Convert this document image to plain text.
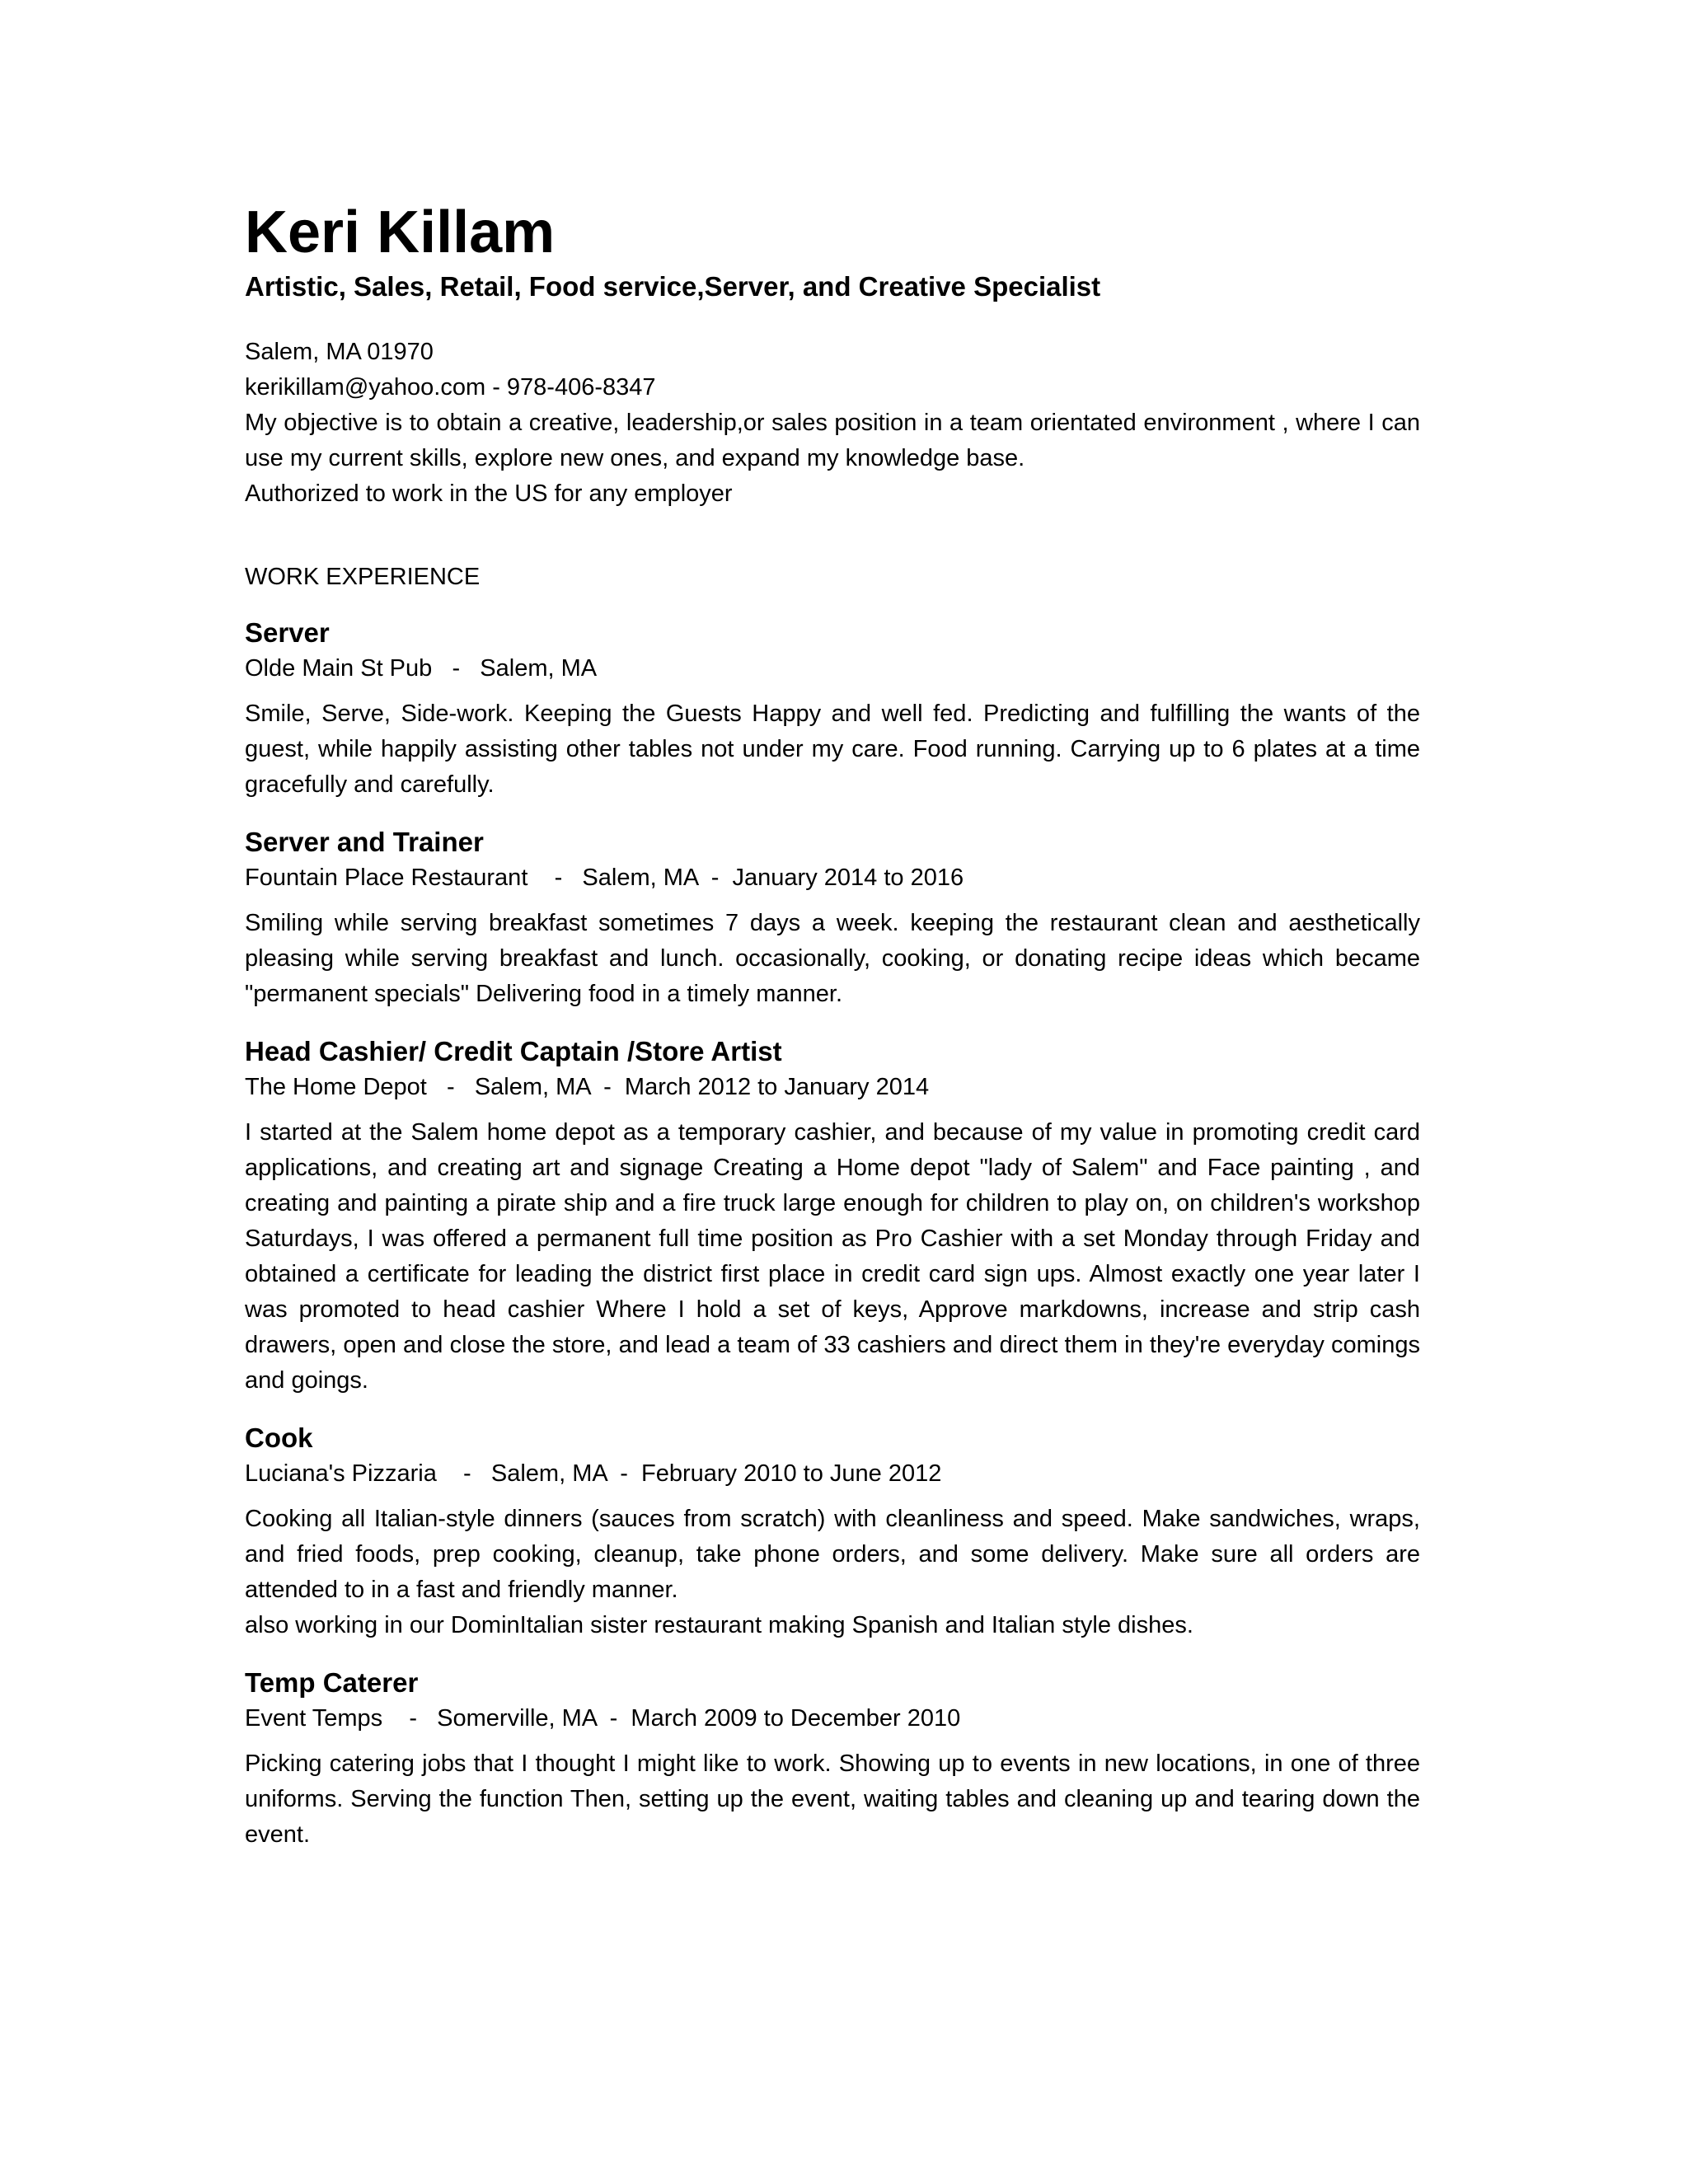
Keri Killam

Artistic, Sales, Retail, Food service,Server, and Creative Specialist

Salem, MA 01970

kerikillam@yahoo.com - 978-406-8347

My objective is to obtain a creative, leadership,or sales position in a team orientated environment , where I can use my current skills, explore new ones, and expand my knowledge base.

Authorized to work in the US for any employer

WORK EXPERIENCE

Server

Olde Main St Pub   -   Salem, MA

Smile, Serve, Side-work. Keeping the Guests Happy and well fed. Predicting and fulfilling the wants of the guest, while happily assisting other tables not under my care. Food running. Carrying up to 6 plates at a time gracefully and carefully.

Server and Trainer

Fountain Place Restaurant    -   Salem, MA  -  January 2014 to 2016

Smiling while serving breakfast sometimes 7 days a week. keeping the restaurant clean and aesthetically pleasing while serving breakfast and lunch. occasionally, cooking, or donating recipe ideas which became "permanent specials" Delivering food in a timely manner.

Head Cashier/ Credit Captain /Store Artist

The Home Depot   -   Salem, MA  -  March 2012 to January 2014

I started at the Salem home depot as a temporary cashier, and because of my value in promoting credit card applications, and creating art and signage Creating a Home depot "lady of Salem" and Face painting , and creating and painting a pirate ship and a fire truck large enough for children to play on, on children's workshop Saturdays, I was offered a permanent full time position as Pro Cashier with a set Monday through Friday and obtained a certificate for leading the district first place in credit card sign ups. Almost exactly one year later I was promoted to head cashier Where I hold a set of keys, Approve markdowns, increase and strip cash drawers, open and close the store, and lead a team of 33 cashiers and direct them in they're everyday comings and goings.

Cook

Luciana's Pizzaria    -   Salem, MA  -  February 2010 to June 2012

Cooking all Italian-style dinners (sauces from scratch) with cleanliness and speed. Make sandwiches, wraps, and fried foods, prep cooking, cleanup, take phone orders, and some delivery. Make sure all orders are attended to in a fast and friendly manner.

also working in our DominItalian sister restaurant making Spanish and Italian style dishes.

Temp Caterer

Event Temps    -   Somerville, MA  -  March 2009 to December 2010

Picking catering jobs that I thought I might like to work. Showing up to events in new locations, in one of three uniforms. Serving the function Then, setting up the event, waiting tables and cleaning up and tearing down the event.
